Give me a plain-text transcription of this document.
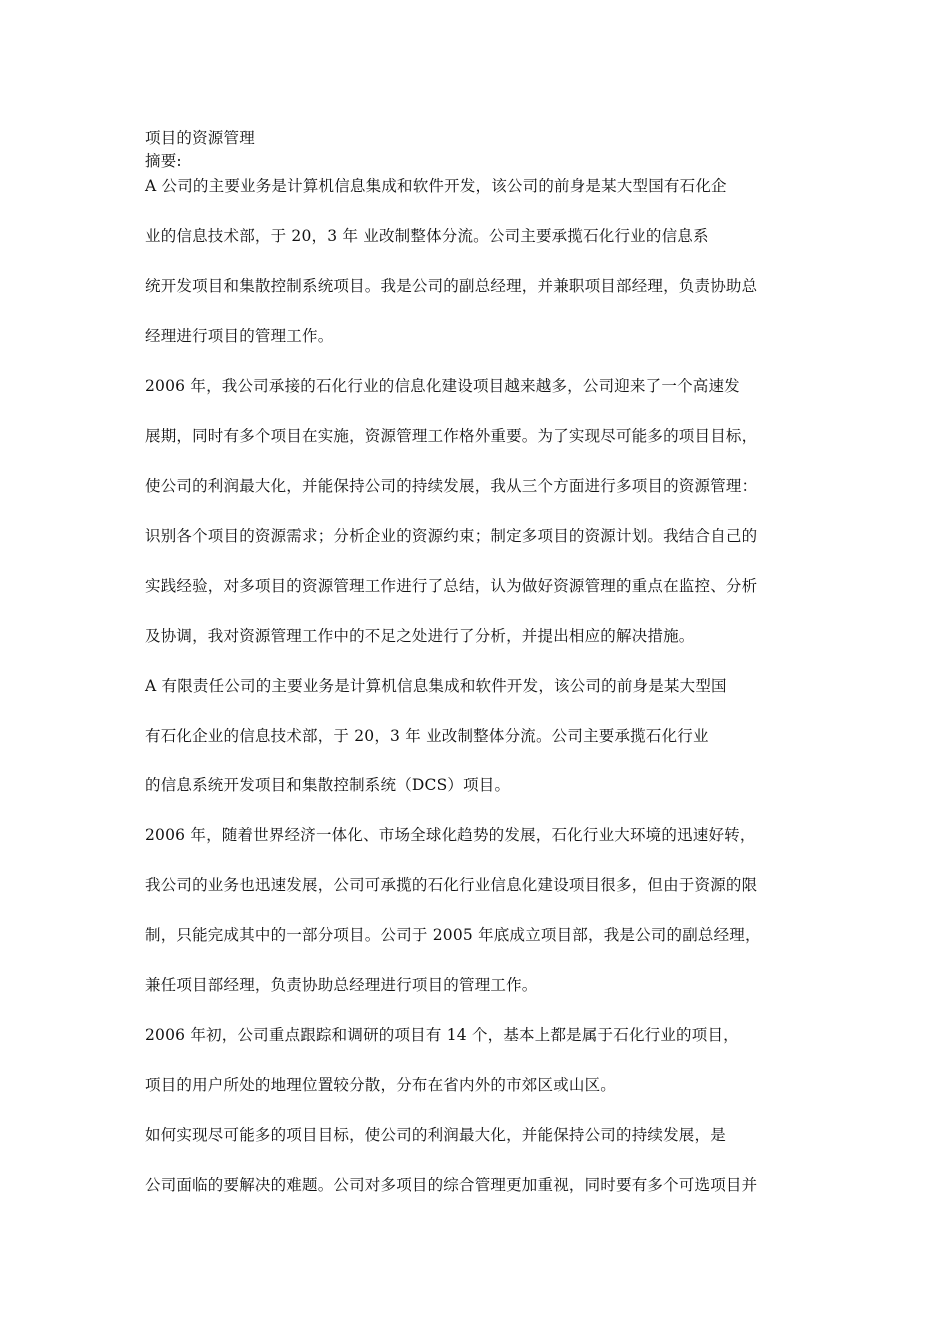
项目的资源管理
摘要:
A 公司的主要业务是计算机信息集成和软件开发，该公司的前身是某大型国有石化企
业的信息技术部，于 20，3 年 业改制整体分流。公司主要承揽石化行业的信息系
统开发项目和集散控制系统项目。我是公司的副总经理，并兼职项目部经理，负责协助总
经理进行项目的管理工作。
2006 年，我公司承接的石化行业的信息化建设项目越来越多，公司迎来了一个高速发
展期，同时有多个项目在实施，资源管理工作格外重要。为了实现尽可能多的项目目标，
使公司的利润最大化，并能保持公司的持续发展，我从三个方面进行多项目的资源管理：
识别各个项目的资源需求；分析企业的资源约束；制定多项目的资源计划。我结合自己的
实践经验，对多项目的资源管理工作进行了总结，认为做好资源管理的重点在监控、分析
及协调，我对资源管理工作中的不足之处进行了分析，并提出相应的解决措施。
A 有限责任公司的主要业务是计算机信息集成和软件开发，该公司的前身是某大型国
有石化企业的信息技术部，于 20，3 年 业改制整体分流。公司主要承揽石化行业
的信息系统开发项目和集散控制系统（DCS）项目。
2006 年，随着世界经济一体化、市场全球化趋势的发展，石化行业大环境的迅速好转，
我公司的业务也迅速发展，公司可承揽的石化行业信息化建设项目很多，但由于资源的限
制，只能完成其中的一部分项目。公司于 2005 年底成立项目部，我是公司的副总经理，
兼任项目部经理，负责协助总经理进行项目的管理工作。
2006 年初，公司重点跟踪和调研的项目有 14 个，基本上都是属于石化行业的项目，
项目的用户所处的地理位置较分散，分布在省内外的市郊区或山区。
如何实现尽可能多的项目目标，使公司的利润最大化，并能保持公司的持续发展，是
公司面临的要解决的难题。公司对多项目的综合管理更加重视，同时要有多个可选项目并
